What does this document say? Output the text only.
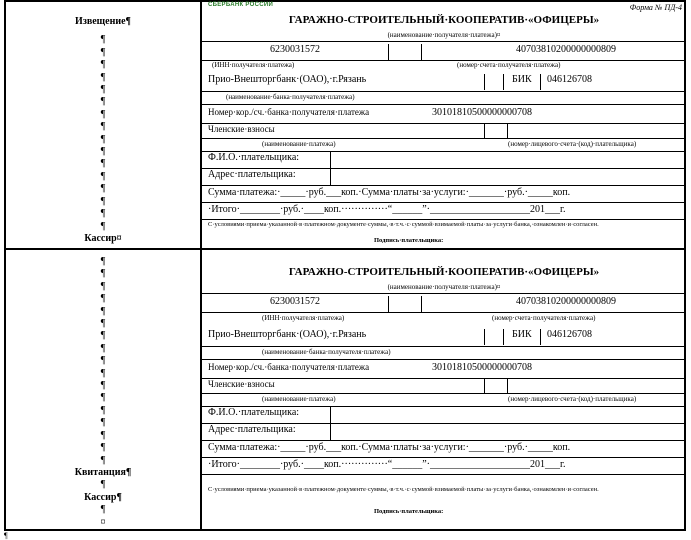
Извещение¶
¶
¶
¶
¶
¶
¶
¶
¶
¶
¶
¶
¶
¶
¶
¶
¶
Кассир¤
¶
¶
¶
¶
¶
¶
¶
¶
¶
¶
¶
¶
¶
¶
¶
¶
¶
Квитанция¶
¶
Кассир¶
¶
¤
СБЕРБАНК РОССИИ	Форма № ПД-4
ГАРАЖНО-СТРОИТЕЛЬНЫЙ·КООПЕРАТИВ·«ОФИЦЕРЫ»
(наименование·получателя·платежа)¤
6230031572	40703810200000000809
(ИНН·получателя·платежа)	(номер·счета·получателя·платежа)
Прио-Внешторгбанк·(ОАО),·г.Рязань	БИК	046126708
(наименование·банка·получателя·платежа)
Номер·кор./сч.·банка·получателя·платежа	30101810500000000708
Членские·взносы
(наименование·платежа)	(номер·лицевого·счета·(код)·плательщика)
Ф.И.О.·плательщика:
Адрес·плательщика:
Сумма·платежа:·_____·руб.___коп.·Сумма·платы·за·услуги:·_______·руб.·_____коп.
·Итого·________·руб.·____коп.··············“______”·____________________201___г.
С·условиями·приема·указанной·в·платежном·документе·суммы,·в·т.ч.·с·суммой·взимаемой·платы·за·услуги·банка,·ознакомлен·и·согласен.
Подпись·плательщика:
ГАРАЖНО-СТРОИТЕЛЬНЫЙ·КООПЕРАТИВ·«ОФИЦЕРЫ»
(наименование·получателя·платежа)¤
6230031572	40703810200000000809
(ИНН·получателя·платежа)	(номер·счета·получателя·платежа)
Прио-Внешторгбанк·(ОАО),·г.Рязань	БИК	046126708
(наименование·банка·получателя·платежа)
Номер·кор./сч.·банка·получателя·платежа	30101810500000000708
Членские·взносы
(наименование·платежа)	(номер·лицевого·счета·(код)·плательщика)
Ф.И.О.·плательщика:
Адрес·плательщика:
Сумма·платежа:·_____·руб.___коп.·Сумма·платы·за·услуги:·_______·руб.·_____коп.
·Итого·________·руб.·____коп.··············“______”·____________________201___г.
С·условиями·приема·указанной·в·платежном·документе·суммы,·в·т.ч.·с·суммой·взимаемой·платы·за·услуги·банка,·ознакомлен·и·согласен.
Подпись·плательщика:
¶
